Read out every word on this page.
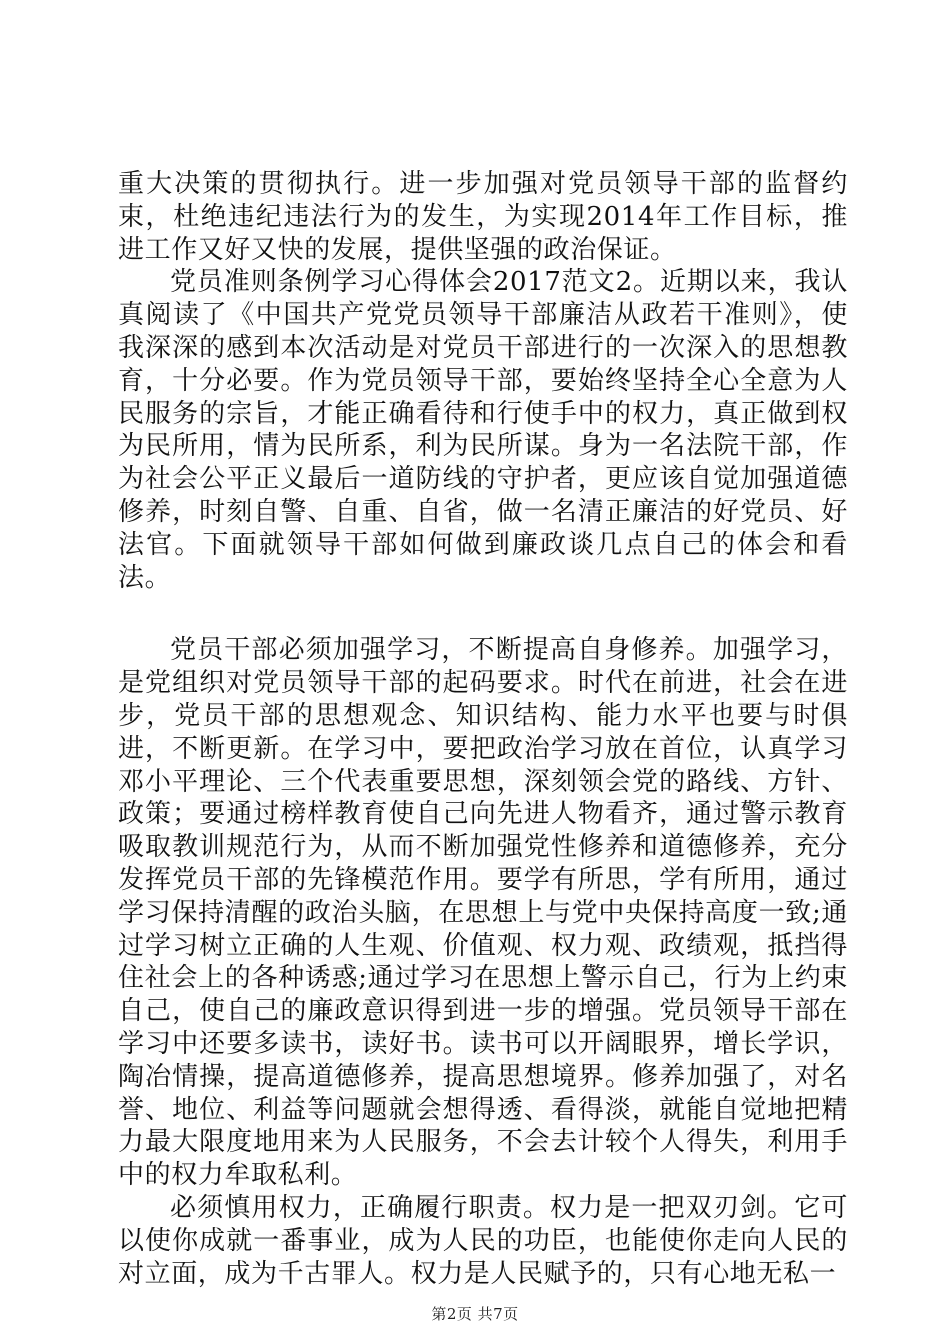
重大决策的贯彻执行。进一步加强对党员领导干部的监督约束，杜绝违纪违法行为的发生，为实现2014年工作目标，推进工作又好又快的发展，提供坚强的政治保证。

党员准则条例学习心得体会2017范文2。近期以来，我认真阅读了《中国共产党党员领导干部廉洁从政若干准则》，使我深深的感到本次活动是对党员干部进行的一次深入的思想教育，十分必要。作为党员领导干部，要始终坚持全心全意为人民服务的宗旨，才能正确看待和行使手中的权力，真正做到权为民所用，情为民所系，利为民所谋。身为一名法院干部，作为社会公平正义最后一道防线的守护者，更应该自觉加强道德修养，时刻自警、自重、自省，做一名清正廉洁的好党员、好法官。下面就领导干部如何做到廉政谈几点自己的体会和看法。

党员干部必须加强学习，不断提高自身修养。加强学习，是党组织对党员领导干部的起码要求。时代在前进，社会在进步，党员干部的思想观念、知识结构、能力水平也要与时俱进，不断更新。在学习中，要把政治学习放在首位，认真学习邓小平理论、三个代表重要思想，深刻领会党的路线、方针、政策；要通过榜样教育使自己向先进人物看齐，通过警示教育吸取教训规范行为，从而不断加强党性修养和道德修养，充分发挥党员干部的先锋模范作用。要学有所思，学有所用，通过学习保持清醒的政治头脑，在思想上与党中央保持高度一致;通过学习树立正确的人生观、价值观、权力观、政绩观，抵挡得住社会上的各种诱惑;通过学习在思想上警示自己，行为上约束自己，使自己的廉政意识得到进一步的增强。党员领导干部在学习中还要多读书，读好书。读书可以开阔眼界，增长学识，陶冶情操，提高道德修养，提高思想境界。修养加强了，对名誉、地位、利益等问题就会想得透、看得淡，就能自觉地把精力最大限度地用来为人民服务，不会去计较个人得失，利用手中的权力牟取私利。

必须慎用权力，正确履行职责。权力是一把双刃剑。它可以使你成就一番事业，成为人民的功臣，也能使你走向人民的对立面，成为千古罪人。权力是人民赋予的，只有心地无私一

第2页 共7页
